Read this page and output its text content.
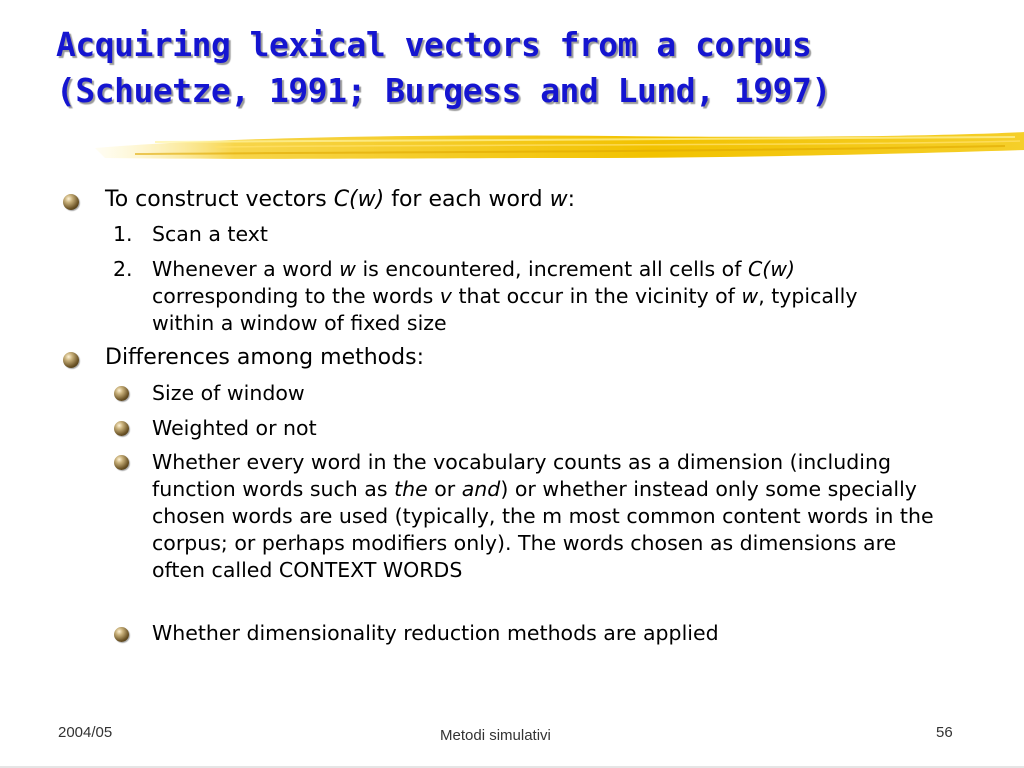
Acquiring lexical vectors from a corpus
(Schuetze, 1991; Burgess and Lund, 1997)
To construct vectors C(w) for each word w:
1. Scan a text
2. Whenever a word w is encountered, increment all cells of C(w) corresponding to the words v that occur in the vicinity of w, typically within a window of fixed size
Differences among methods:
Size of window
Weighted or not
Whether every word in the vocabulary counts as a dimension (including function words such as the or and) or whether instead only some specially chosen words are used (typically, the m most common content words in the corpus; or perhaps modifiers only). The words chosen as dimensions are often called CONTEXT WORDS
Whether dimensionality reduction methods are applied
2004/05	Metodi simulativi	56
